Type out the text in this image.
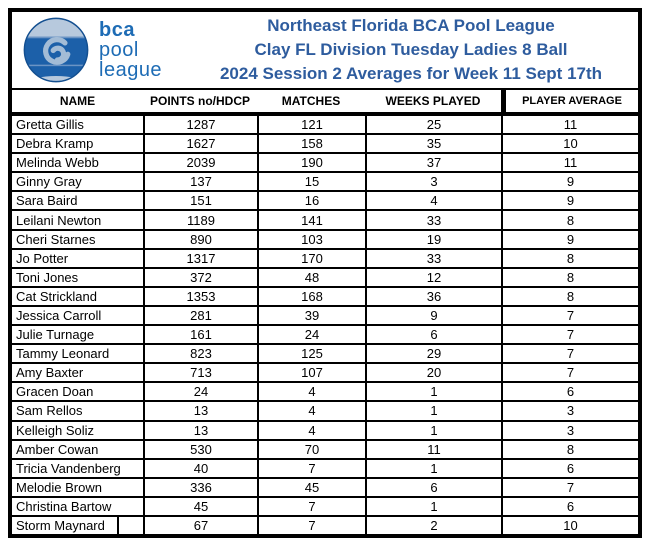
bca
pool
league
Northeast Florida BCA Pool League
Clay FL Division Tuesday Ladies 8 Ball
2024 Session 2 Averages for Week 11 Sept 17th
NAME	POINTS no/HDCP	MATCHES	WEEKS PLAYED	PLAYER AVERAGE
Gretta Gillis	1287	121	25	11
Debra Kramp	1627	158	35	10
Melinda Webb	2039	190	37	11
Ginny Gray	137	15	3	9
Sara Baird	151	16	4	9
Leilani Newton	1189	141	33	8
Cheri Starnes	890	103	19	9
Jo Potter	1317	170	33	8
Toni Jones	372	48	12	8
Cat Strickland	1353	168	36	8
Jessica Carroll	281	39	9	7
Julie Turnage	161	24	6	7
Tammy Leonard	823	125	29	7
Amy Baxter	713	107	20	7
Gracen Doan	24	4	1	6
Sam Rellos	13	4	1	3
Kelleigh Soliz	13	4	1	3
Amber Cowan	530	70	11	8
Tricia Vandenberg	40	7	1	6
Melodie Brown	336	45	6	7
Christina Bartow	45	7	1	6
Storm Maynard	67	7	2	10
